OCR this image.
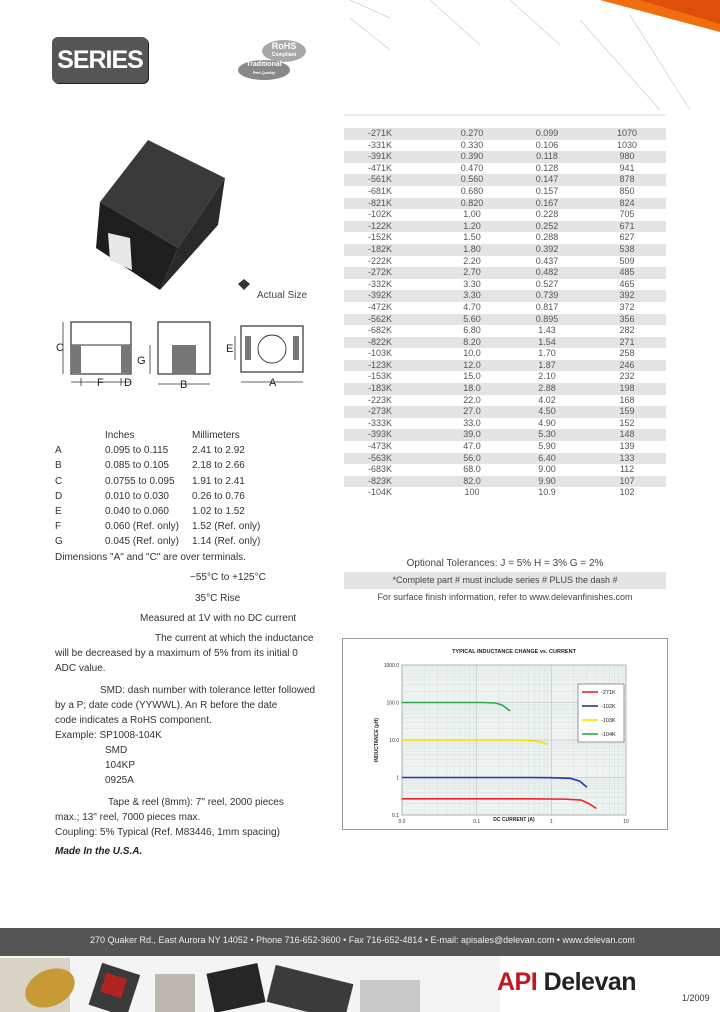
SERIES	RoHS
Compliant
Traditional
Part Quality
Actual Size
C
G
F D	B
E
A
-271K	0.270	0.099	1070
-331K	0.330	0.106	1030
-391K	0.390	0.118	980
-471K	0.470	0.128	941
-561K	0.560	0.147	878
-681K	0.680	0.157	850
-821K	0.820	0.167	824
-102K	1.00	0.228	705
-122K	1.20	0.252	671
-152K	1.50	0.288	627
-182K	1.80	0.392	538
-222K	2.20	0.437	509
-272K	2.70	0.482	485
-332K	3.30	0.527	465
-392K	3.30	0.739	392
-472K	4.70	0.817	372
-562K	5.60	0.895	356
-682K	6.80	1.43	282
-822K	8.20	1.54	271
-103K	10.0	1.70	258
-123K	12.0	1.87	246
-153K	15.0	2.10	232
-183K	18.0	2.88	198
-223K	22.0	4.02	168
-273K	27.0	4.50	159
-333K	33.0	4.90	152
-393K	39.0	5.30	148
-473K	47.0	5.90	139
-563K	56.0	6.40	133
-683K	68.0	9.00	112
-823K	82.0	9.90	107
-104K	100	10.9	102
Optional Tolerances: J = 5% H = 3% G = 2%
*Complete part # must include series # PLUS the dash #
For surface finish information, refer to www.delevanfinishes.com
Inches	Millimeters
A	0.095 to 0.115	2.41 to 2.92
B	0.085 to 0.105	2.18 to 2.66
C	0.0755 to 0.095	1.91 to 2.41
D	0.010 to 0.030	0.26 to 0.76
E	0.040 to 0.060	1.02 to 1.52
F	0.060 (Ref. only)	1.52 (Ref. only)
G	0.045 (Ref. only)	1.14 (Ref. only)
Dimensions "A" and "C" are over terminals.
−55°C to +125°C
35°C Rise
Measured at 1V with no DC current
The current at which the inductance
will be decreased by a maximum of 5% from its initial 0
ADC value.
SMD: dash number with tolerance letter followed
by a P; date code (YYWWL). An R before the date
code indicates a RoHS component.
Example: SP1008-104K
SMD
104KP
0925A
Tape & reel (8mm): 7" reel, 2000 pieces
max.; 13" reel, 7000 pieces max.
Coupling: 5% Typical (Ref. M83446, 1mm spacing)
Made In the U.S.A.
TYPICAL INDUCTANCE CHANGE vs. CURRENT
DC CURRENT (A)
INDUCTANCE (µH)
0.0	0.1	1	10
1000.0
100.0
10.0
1
0.1
-271K
-102K
-103K
-104K
270 Quaker Rd., East Aurora NY 14052 • Phone 716-652-3600 • Fax 716-652-4814 • E-mail: apisales@delevan.com • www.delevan.com
API Delevan
1/2009
